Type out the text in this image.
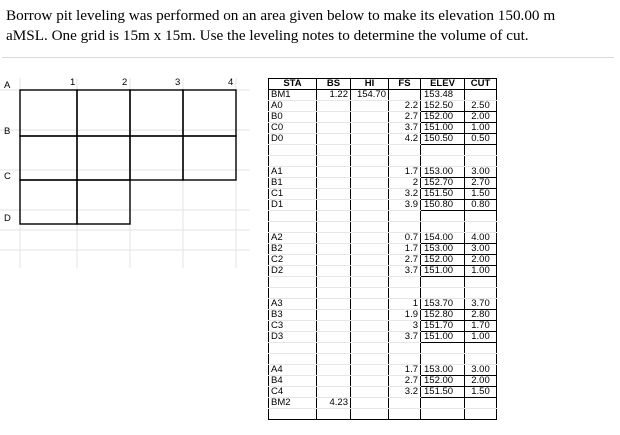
Borrow pit leveling was performed on an area given below to make its elevation 150.00 m
aMSL. One grid is 15m x 15m. Use the leveling notes to determine the volume of cut.
1	2	3	4
A
B
C
D
STA	BS	HI	FS	ELEV	CUT
BM1	1.22	154.70		153.48	
A0			2.2	152.50	2.50
B0			2.7	152.00	2.00
C0			3.7	151.00	1.00
D0			4.2	150.50	0.50

A1			1.7	153.00	3.00
B1			2	152.70	2.70
C1			3.2	151.50	1.50
D1			3.9	150.80	0.80

A2			0.7	154.00	4.00
B2			1.7	153.00	3.00
C2			2.7	152.00	2.00
D2			3.7	151.00	1.00

A3			1	153.70	3.70
B3			1.9	152.80	2.80
C3			3	151.70	1.70
D3			3.7	151.00	1.00

A4			1.7	153.00	3.00
B4			2.7	152.00	2.00
C4			3.2	151.50	1.50
BM2	4.23				
